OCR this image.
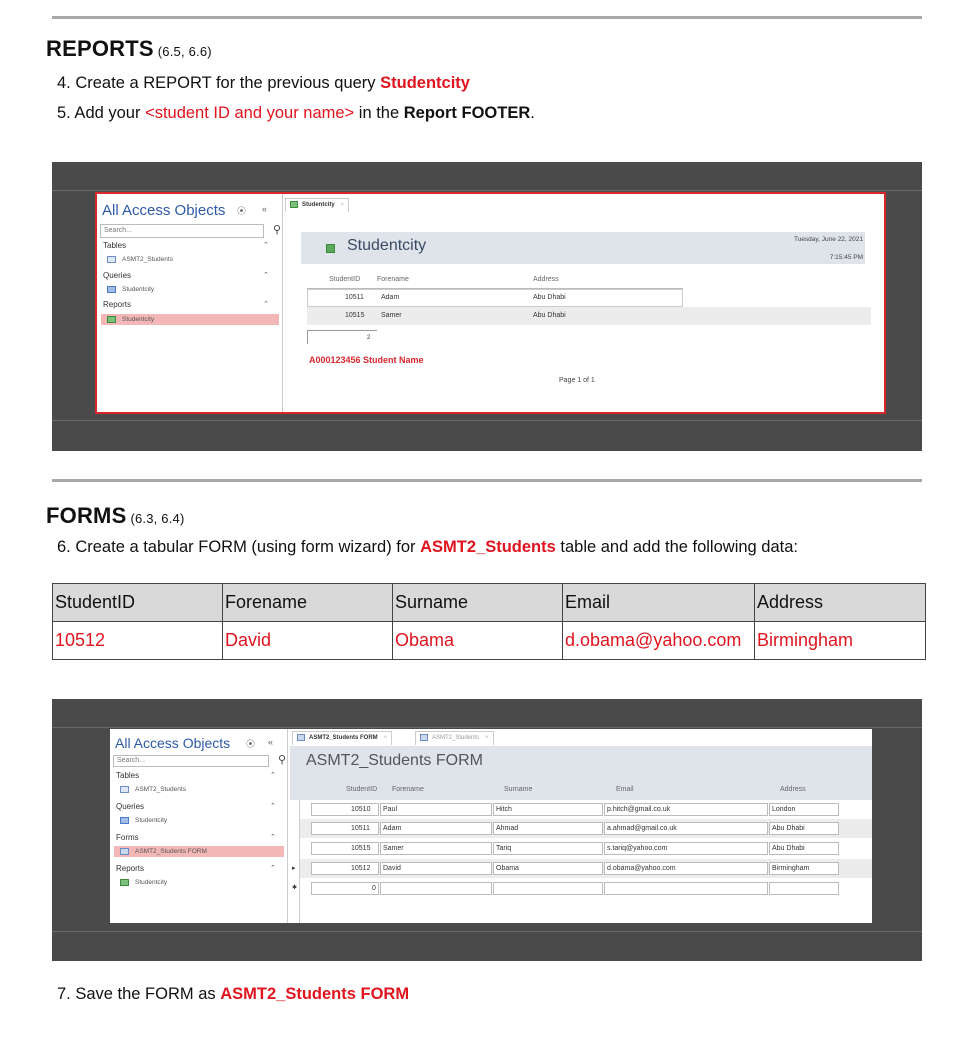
REPORTS (6.5, 6.6)
4. Create a REPORT for the previous query Studentcity
5. Add your <student ID and your name> in the Report FOOTER.
All Access Objects ⦿ «
Search...	⚲
Tables	⌃
ASMT2_Students
Queries	⌃
Studentcity
Reports	⌃
Studentcity
Studentcity ×
Studentcity	Tuesday, June 22, 2021
7:15:45 PM
StudentID Forename	Address
10511 Adam	Abu Dhabi
10515 Samer	Abu Dhabi
2
A000123456 Student Name
Page 1 of 1
FORMS (6.3, 6.4)
6. Create a tabular FORM (using form wizard) for ASMT2_Students table and add the following data:
StudentID	Forename	Surname	Email	Address
10512	David	Obama	d.obama@yahoo.com	Birmingham
All Access Objects ⦿ «
Search...	⚲
Tables	⌃
ASMT2_Students
Queries	⌃
Studentcity
Forms	⌃
ASMT2_Students FORM
Reports	⌃
Studentcity
ASMT2_Students FORM ×	ASMT2_Students ×
ASMT2_Students FORM
StudentID Forename	Surname	Email	Address
▸
✱
10510 Paul	Hitch	p.hitch@gmail.co.uk	London
10511 Adam	Ahmad	a.ahmad@gmail.co.uk	Abu Dhabi
10515 Samer	Tariq	s.tariq@yahoo.com	Abu Dhabi
10512 David	Obama	d.obama@yahoo.com	Birmingham
0
7. Save the FORM as ASMT2_Students FORM
